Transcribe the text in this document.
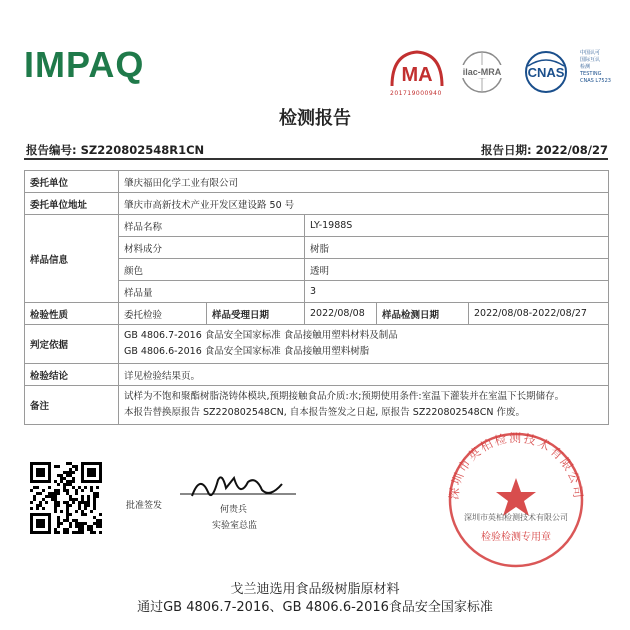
IMPAQ	MA
201719000940
ilac-MRA CNAS
中国认可
国际互认
检测
TESTING
CNAS L7523
检测报告
报告编号: SZ220802548R1CN	报告日期: 2022/08/27
委托单位	肇庆福田化学工业有限公司				
委托单位地址	肇庆市高新技术产业开发区建设路 50 号				
样品信息	样品名称		LY-1988S		
	材料成分		树脂		
	颜色		透明		
	样品量		3		
检验性质	委托检验	样品受理日期	2022/08/08	样品检测日期	2022/08/08-2022/08/27
判定依据	GB 4806.7-2016 食品安全国家标准 食品接触用塑料材料及制品
GB 4806.6-2016 食品安全国家标准 食品接触用塑料树脂				

检验结论	详见检验结果页。				
备注	试样为不饱和聚酯树脂浇铸体模块,预期接触食品介质:水;预期使用条件:室温下灌装并在室温下长期储存。
本报告替换原报告 SZ220802548CN, 自本报告签发之日起, 原报告 SZ220802548CN 作废。				
批准签发	何贵兵
实验室总监
深圳市英柏检测技术有限公司
深圳市英柏检测技术有限公司
检验检测专用章
戈兰迪选用食品级树脂原材料
通过GB 4806.7-2016、GB 4806.6-2016食品安全国家标准
